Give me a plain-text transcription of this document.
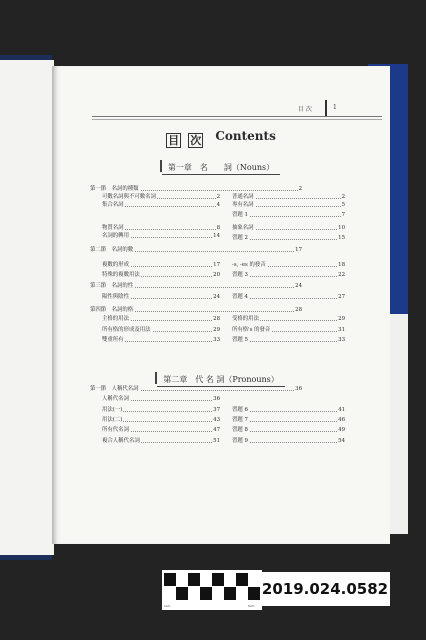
目 次	1
目 次 $^{Contents}$
第一章　名　　詞（Nouns）
第二章　代 名 詞（Pronouns）
第一節　名詞的種類	2
可數名詞與不可數名詞	2
集合名詞	4
物質名詞	8
名詞的轉用	14
第二節　名詞的數	17
複數的形成	17
特殊的複數用法	20
第三節　名詞的性	24
陽性與陰性	24
第四節　名詞的格	28
主格的用法	28
所有格的形成及用法	29
雙重所有	33
第一節　人稱代名詞	36
人稱代名詞	36
用法(一)	37
用法(二)	43
所有代名詞	47
複合人稱代名詞	51
普通名詞	2
專有名詞	5
習題 1	7
抽象名詞	10
習題 2	15
-s, -es 的發音	18
習題 3	22
習題 4	27
受格的用法	29
所有格's 的發音	31
習題 5	33
習題 6	41
習題 7	46
習題 8	49
習題 9	54
1cm	5cm
2019.024.0582
